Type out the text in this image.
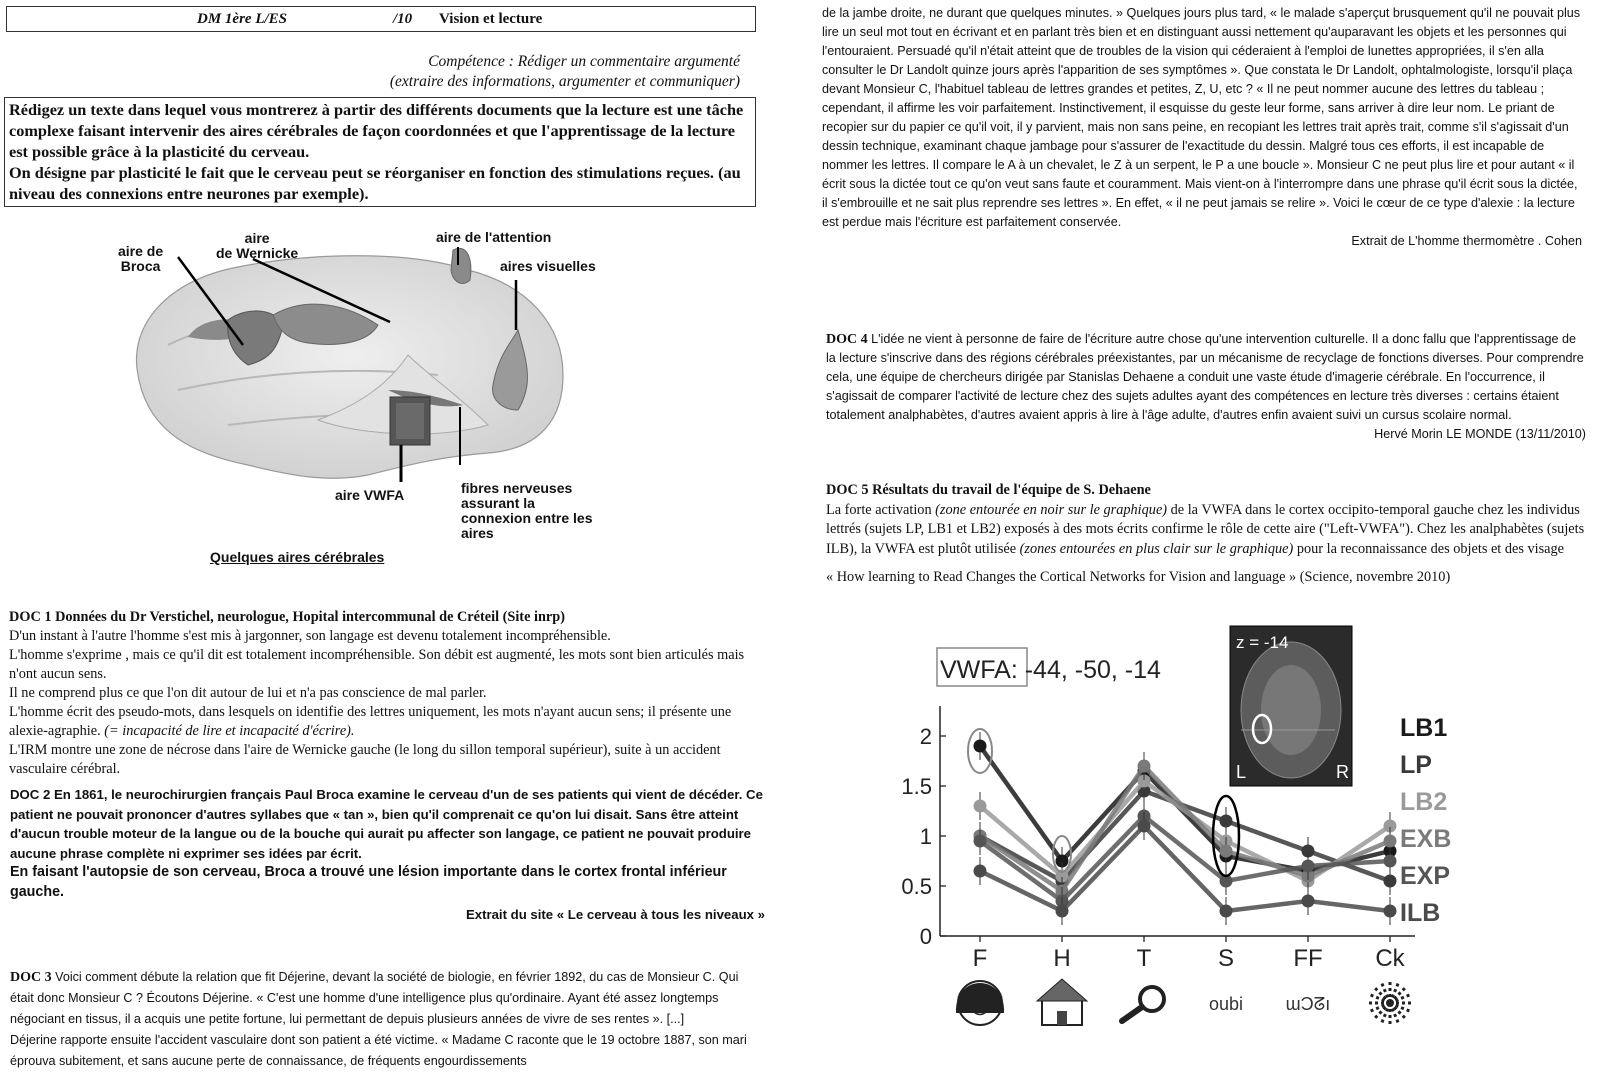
DM 1ère L/ES	/10 Vision et lecture
Compétence : Rédiger un commentaire argumenté
(extraire des informations, argumenter et communiquer)

Rédigez un texte dans lequel vous montrerez à partir des différents documents que la lecture est une tâche complexe faisant intervenir des aires cérébrales de façon coordonnées et que l'apprentissage de la lecture est possible grâce à la plasticité du cerveau.

On désigne par plasticité le fait que le cerveau peut se réorganiser en fonction des stimulations reçues. (au niveau des connexions entre neurones par exemple).

aire de
Broca
aire
de Wernicke
aire de l'attention
aires visuelles
aire VWFA	fibres nerveuses
assurant la
connexion entre les
aires
Quelques aires cérébrales

DOC 1 Données du Dr Verstichel, neurologue, Hopital intercommunal de Créteil (Site inrp)

D'un instant à l'autre l'homme s'est mis à jargonner, son langage est devenu totalement incompréhensible.

L'homme s'exprime , mais ce qu'il dit est totalement incompréhensible. Son débit est augmenté, les mots sont bien articulés mais n'ont aucun sens.

Il ne comprend plus ce que l'on dit autour de lui et n'a pas conscience de mal parler.

L'homme écrit des pseudo-mots, dans lesquels on identifie des lettres uniquement, les mots n'ayant aucun sens; il présente une alexie-agraphie. (= incapacité de lire et incapacité d'écrire).

L'IRM montre une zone de nécrose dans l'aire de Wernicke gauche (le long du sillon temporal supérieur), suite à un accident vasculaire cérébral.

DOC 2 En 1861, le neurochirurgien français Paul Broca examine le cerveau d'un de ses patients qui vient de décéder. Ce patient ne pouvait prononcer d'autres syllabes que « tan », bien qu'il comprenait ce qu'on lui disait. Sans être atteint d'aucun trouble moteur de la langue ou de la bouche qui aurait pu affecter son langage, ce patient ne pouvait produire aucune phrase complète ni exprimer ses idées par écrit.

En faisant l'autopsie de son cerveau, Broca a trouvé une lésion importante dans le cortex frontal inférieur gauche.

Extrait du site « Le cerveau à tous les niveaux »

DOC 3 Voici comment débute la relation que fit Déjerine, devant la société de biologie, en février 1892, du cas de Monsieur C. Qui était donc Monsieur C ? Écoutons Déjerine. « C'est une homme d'une intelligence plus qu'ordinaire. Ayant été assez longtemps négociant en tissus, il a acquis une petite fortune, lui permettant de depuis plusieurs années de vivre de ses rentes ». [...]

Déjerine rapporte ensuite l'accident vasculaire dont son patient a été victime. « Madame C raconte que le 19 octobre 1887, son mari éprouva subitement, et sans aucune perte de connaissance, de fréquents engourdissements

de la jambe droite, ne durant que quelques minutes. » Quelques jours plus tard, « le malade s'aperçut brusquement qu'il ne pouvait plus lire un seul mot tout en écrivant et en parlant très bien et en distinguant aussi nettement qu'auparavant les objets et les personnes qui l'entouraient. Persuadé qu'il n'était atteint que de troubles de la vision qui céderaient à l'emploi de lunettes appropriées, il s'en alla consulter le Dr Landolt quinze jours après l'apparition de ses symptômes ». Que constata le Dr Landolt, ophtalmologiste, lorsqu'il plaça devant Monsieur C, l'habituel tableau de lettres grandes et petites, Z, U, etc ? « Il ne peut nommer aucune des lettres du tableau ; cependant, il affirme les voir parfaitement. Instinctivement, il esquisse du geste leur forme, sans arriver à dire leur nom. Le priant de recopier sur du papier ce qu'il voit, il y parvient, mais non sans peine, en recopiant les lettres trait après trait, comme s'il s'agissait d'un dessin technique, examinant chaque jambage pour s'assurer de l'exactitude du dessin. Malgré tous ces efforts, il est incapable de nommer les lettres. Il compare le A à un chevalet, le Z à un serpent, le P a une boucle ». Monsieur C ne peut plus lire et pour autant « il écrit sous la dictée tout ce qu'on veut sans faute et couramment. Mais vient-on à l'interrompre dans une phrase qu'il écrit sous la dictée, il s'embrouille et ne sait plus reprendre ses lettres ». En effet, « il ne peut jamais se relire ». Voici le cœur de ce type d'alexie : la lecture est perdue mais l'écriture est parfaitement conservée.

Extrait de L'homme thermomètre . Cohen

DOC 4 L'idée ne vient à personne de faire de l'écriture autre chose qu'une intervention culturelle. Il a donc fallu que l'apprentissage de la lecture s'inscrive dans des régions cérébrales préexistantes, par un mécanisme de recyclage de fonctions diverses. Pour comprendre cela, une équipe de chercheurs dirigée par Stanislas Dehaene a conduit une vaste étude d'imagerie cérébrale. En l'occurrence, il s'agissait de comparer l'activité de lecture chez des sujets adultes ayant des compétences en lecture très diverses : certains étaient totalement analphabètes, d'autres avaient appris à lire à l'âge adulte, d'autres enfin avaient suivi un cursus scolaire normal.

Hervé Morin LE MONDE (13/11/2010)

DOC 5 Résultats du travail de l'équipe de S. Dehaene

La forte activation (zone entourée en noir sur le graphique) de la VWFA dans le cortex occipito-temporal gauche chez les individus lettrés (sujets LP, LB1 et LB2) exposés à des mots écrits confirme le rôle de cette aire ("Left-VWFA"). Chez les analphabètes (sujets ILB), la VWFA est plutôt utilisée (zones entourées en plus clair sur le graphique) pour la reconnaissance des objets et des visage

« How learning to Read Changes the Cortical Networks for Vision and language » (Science, novembre 2010)

VWFA: -44, -50, -14
0
0.5
1
1.5
2
F	H	T	S FF Ck
LB1
LP
LB2
EXB
EXP
ILB
z = -14
L	R
oubi ɯƆᘔı
